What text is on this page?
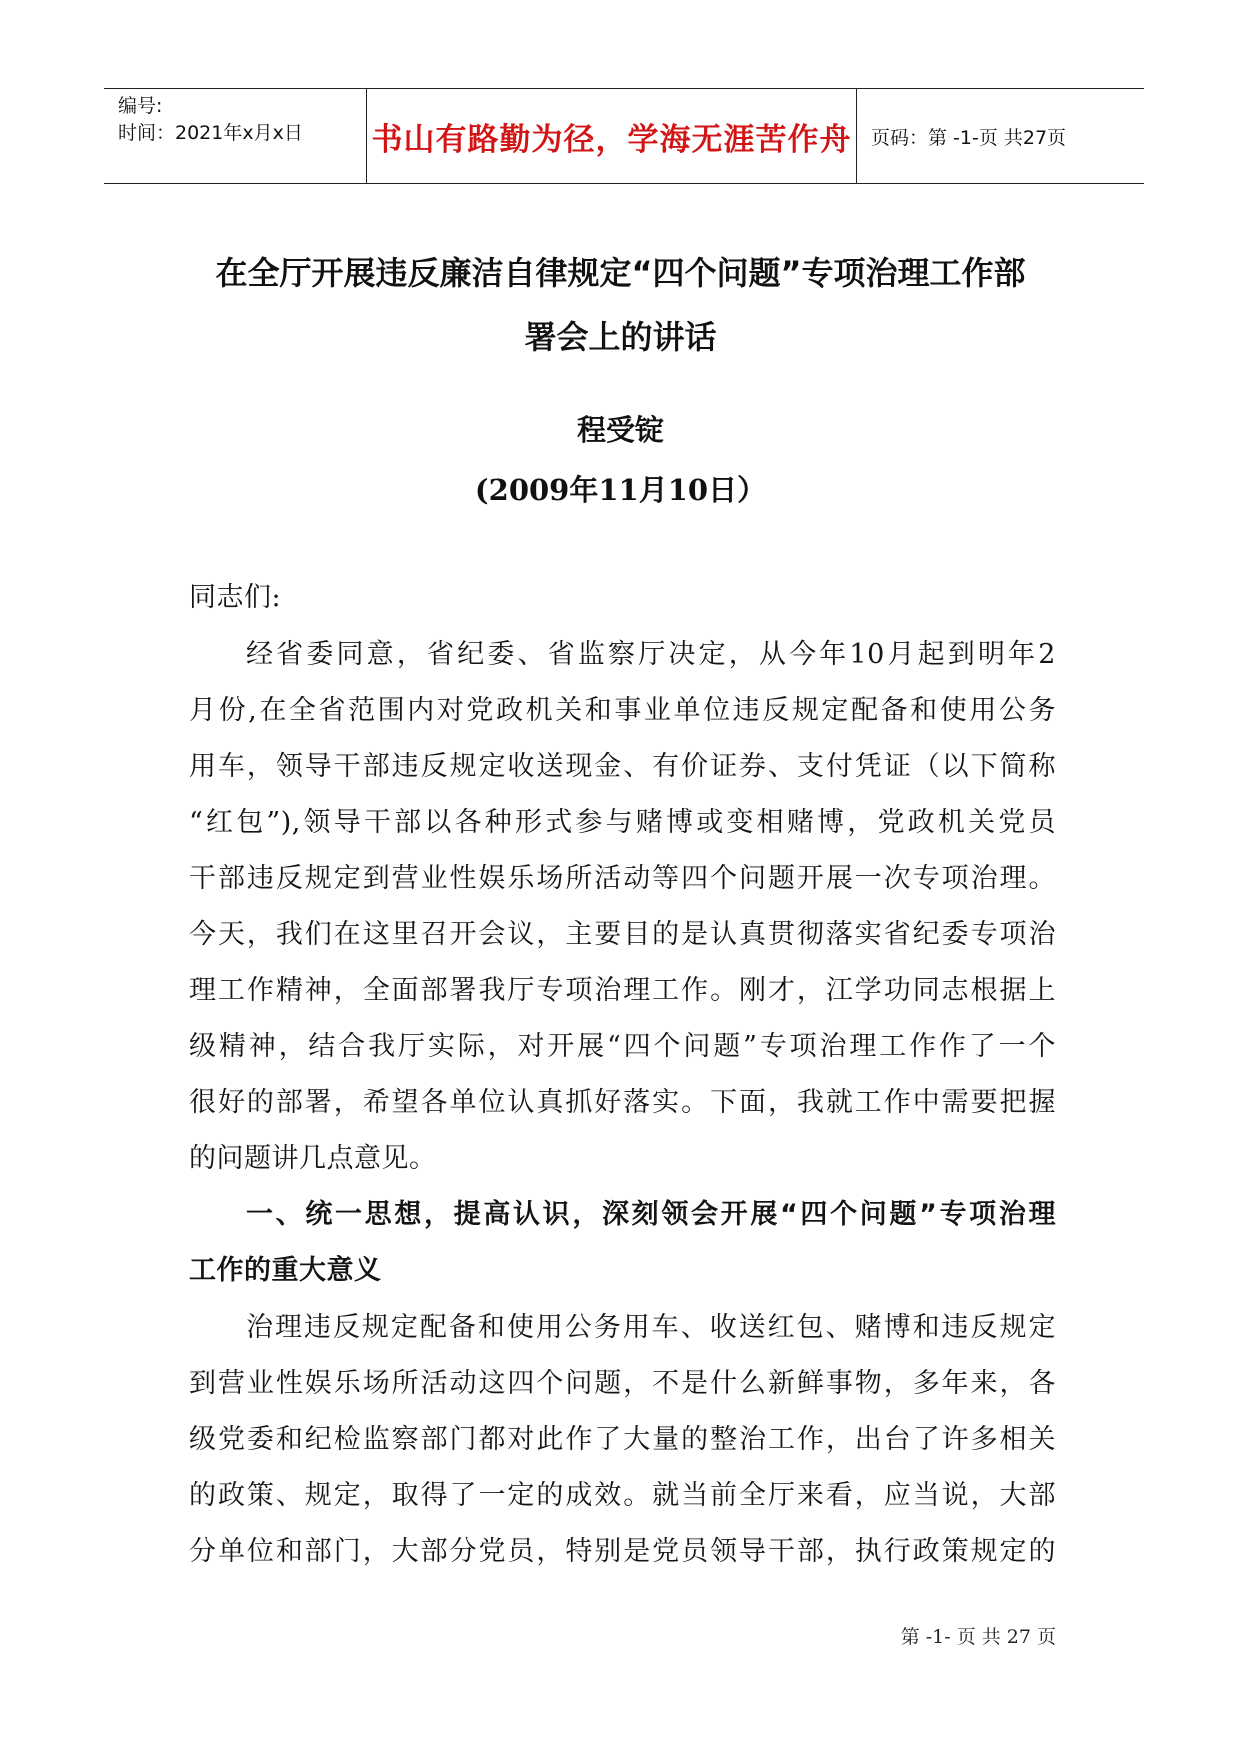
编号:
时间：2021年x月x日	书山有路勤为径，学海无涯苦作舟	页码：第 -1-页 共27页
在全厅开展违反廉洁自律规定“四个问题”专项治理工作部
署会上的讲话
程受锭
(2009年11月10日）
同志们:
经省委同意，省纪委、省监察厅决定，从今年10月起到明年2
月份,在全省范围内对党政机关和事业单位违反规定配备和使用公务
用车，领导干部违反规定收送现金、有价证券、支付凭证（以下简称
“红包”),领导干部以各种形式参与赌博或变相赌博，党政机关党员
干部违反规定到营业性娱乐场所活动等四个问题开展一次专项治理。
今天，我们在这里召开会议，主要目的是认真贯彻落实省纪委专项治
理工作精神，全面部署我厅专项治理工作。刚才，江学功同志根据上
级精神，结合我厅实际，对开展“四个问题”专项治理工作作了一个
很好的部署，希望各单位认真抓好落实。下面，我就工作中需要把握
的问题讲几点意见。
一、统一思想，提高认识，深刻领会开展“四个问题”专项治理
工作的重大意义
治理违反规定配备和使用公务用车、收送红包、赌博和违反规定
到营业性娱乐场所活动这四个问题，不是什么新鲜事物，多年来，各
级党委和纪检监察部门都对此作了大量的整治工作，出台了许多相关
的政策、规定，取得了一定的成效。就当前全厅来看，应当说，大部
分单位和部门，大部分党员，特别是党员领导干部，执行政策规定的
第 -1- 页 共 27 页
